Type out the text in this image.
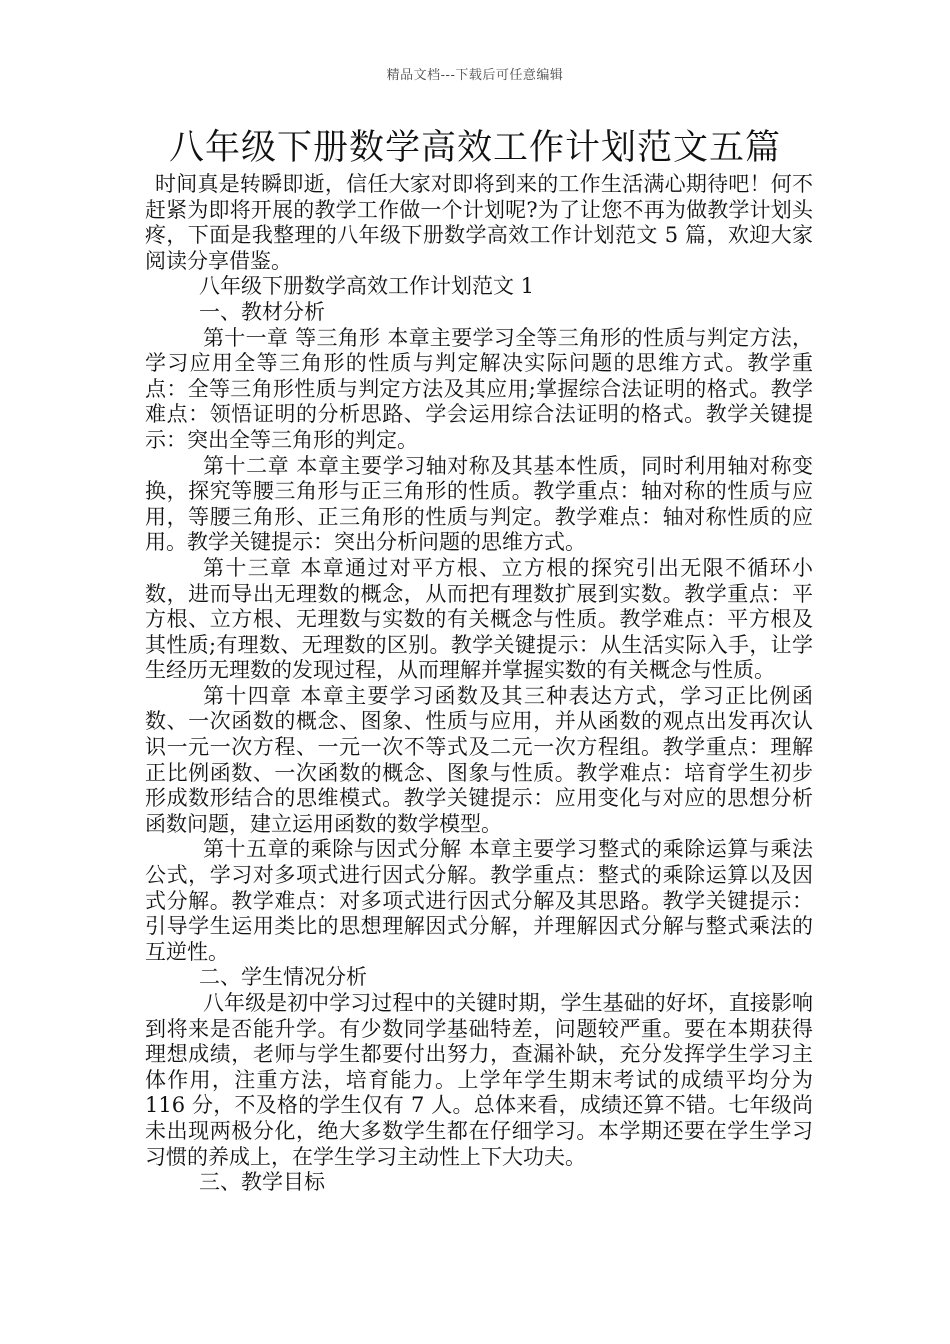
精品文档---下载后可任意编辑
八年级下册数学高效工作计划范文五篇

时间真是转瞬即逝，信任大家对即将到来的工作生活满心期待吧！何不赶紧为即将开展的教学工作做一个计划呢?为了让您不再为做教学计划头疼，下面是我整理的八年级下册数学高效工作计划范文 5 篇，欢迎大家阅读分享借鉴。

八年级下册数学高效工作计划范文 1

一、教材分析

第十一章 等三角形 本章主要学习全等三角形的性质与判定方法，学习应用全等三角形的性质与判定解决实际问题的思维方式。教学重点：全等三角形性质与判定方法及其应用;掌握综合法证明的格式。教学难点：领悟证明的分析思路、学会运用综合法证明的格式。教学关键提示：突出全等三角形的判定。

第十二章 本章主要学习轴对称及其基本性质，同时利用轴对称变换，探究等腰三角形与正三角形的性质。教学重点：轴对称的性质与应用，等腰三角形、正三角形的性质与判定。教学难点：轴对称性质的应用。教学关键提示：突出分析问题的思维方式。

第十三章 本章通过对平方根、立方根的探究引出无限不循环小数，进而导出无理数的概念，从而把有理数扩展到实数。教学重点：平方根、立方根、无理数与实数的有关概念与性质。教学难点：平方根及其性质;有理数、无理数的区别。教学关键提示：从生活实际入手，让学生经历无理数的发现过程，从而理解并掌握实数的有关概念与性质。

第十四章 本章主要学习函数及其三种表达方式，学习正比例函数、一次函数的概念、图象、性质与应用，并从函数的观点出发再次认识一元一次方程、一元一次不等式及二元一次方程组。教学重点：理解正比例函数、一次函数的概念、图象与性质。教学难点：培育学生初步形成数形结合的思维模式。教学关键提示：应用变化与对应的思想分析函数问题，建立运用函数的数学模型。

第十五章的乘除与因式分解 本章主要学习整式的乘除运算与乘法公式，学习对多项式进行因式分解。教学重点：整式的乘除运算以及因式分解。教学难点：对多项式进行因式分解及其思路。教学关键提示：引导学生运用类比的思想理解因式分解，并理解因式分解与整式乘法的互逆性。

二、学生情况分析

八年级是初中学习过程中的关键时期，学生基础的好坏，直接影响到将来是否能升学。有少数同学基础特差，问题较严重。要在本期获得理想成绩，老师与学生都要付出努力，查漏补缺，充分发挥学生学习主体作用，注重方法，培育能力。上学年学生期末考试的成绩平均分为 116 分，不及格的学生仅有 7 人。总体来看，成绩还算不错。七年级尚未出现两极分化，绝大多数学生都在仔细学习。本学期还要在学生学习习惯的养成上，在学生学习主动性上下大功夫。

三、教学目标
